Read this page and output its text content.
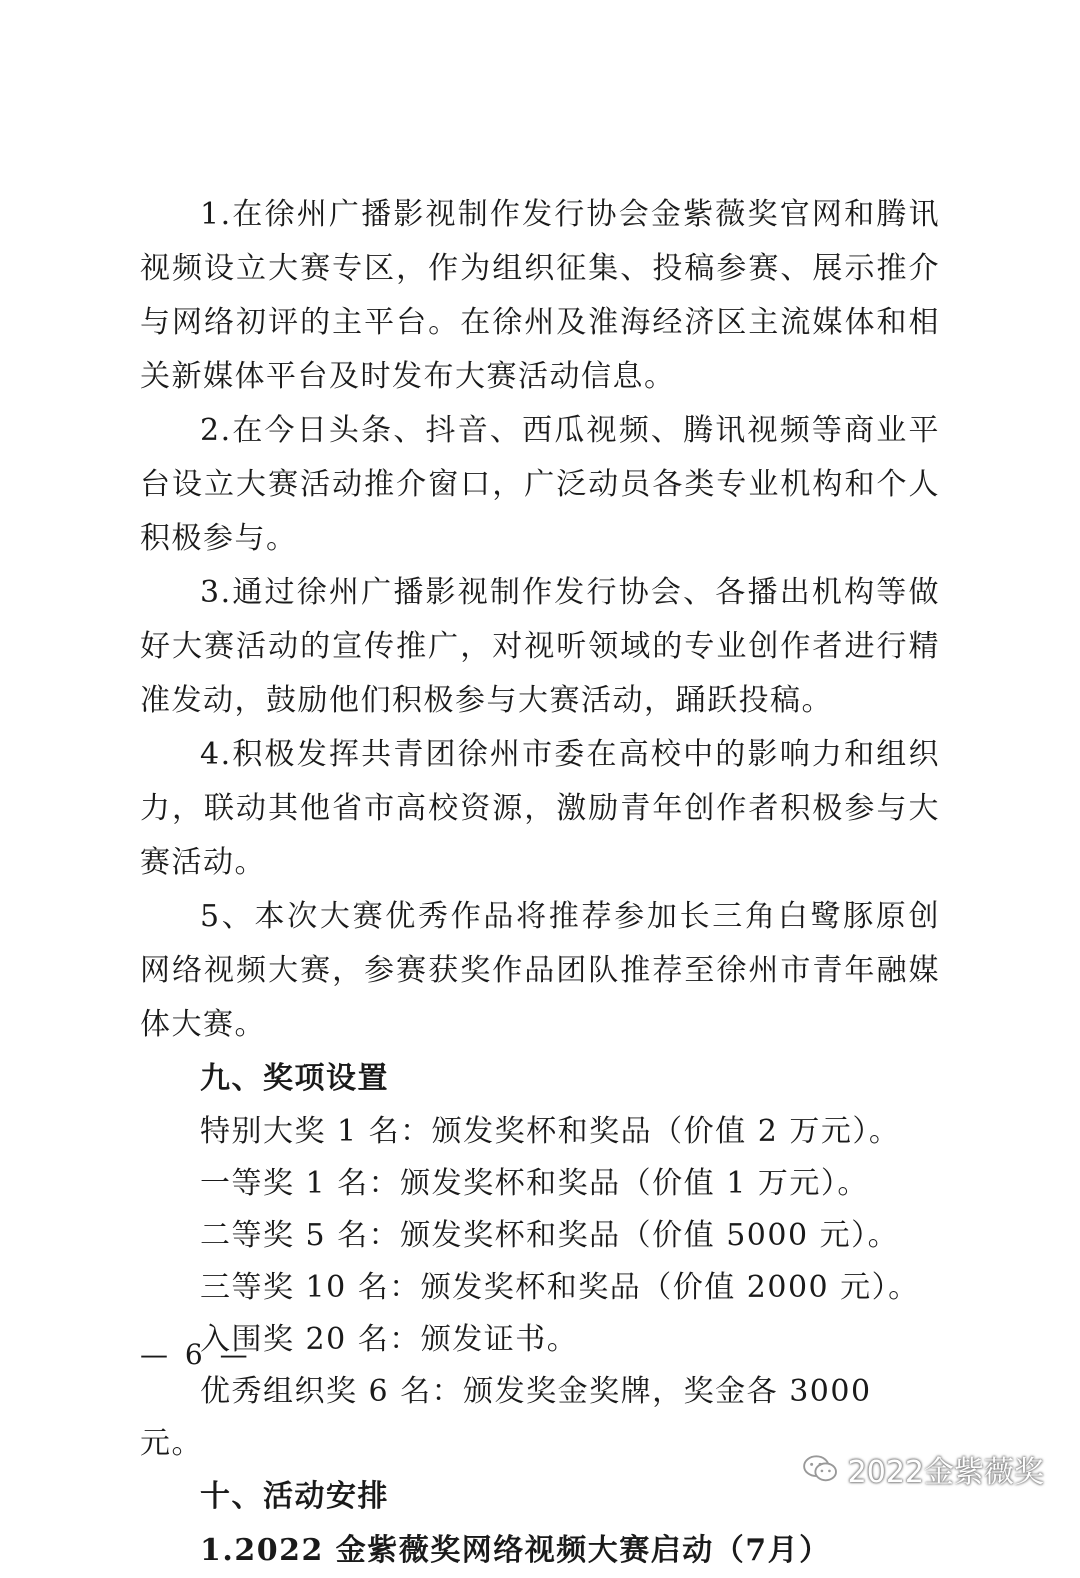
1.在徐州广播影视制作发行协会金紫薇奖官网和腾讯视频设立大赛专区，作为组织征集、投稿参赛、展示推介与网络初评的主平台。在徐州及淮海经济区主流媒体和相关新媒体平台及时发布大赛活动信息。

2.在今日头条、抖音、西瓜视频、腾讯视频等商业平台设立大赛活动推介窗口，广泛动员各类专业机构和个人积极参与。

3.通过徐州广播影视制作发行协会、各播出机构等做好大赛活动的宣传推广，对视听领域的专业创作者进行精准发动，鼓励他们积极参与大赛活动，踊跃投稿。

4.积极发挥共青团徐州市委在高校中的影响力和组织力，联动其他省市高校资源，激励青年创作者积极参与大赛活动。

5、本次大赛优秀作品将推荐参加长三角白鹭豚原创网络视频大赛，参赛获奖作品团队推荐至徐州市青年融媒体大赛。

九、奖项设置

特别大奖 1 名：颁发奖杯和奖品（价值 2 万元）。

一等奖 1 名：颁发奖杯和奖品（价值 1 万元）。

二等奖 5 名：颁发奖杯和奖品（价值 5000 元）。

三等奖 10 名：颁发奖杯和奖品（价值 2000 元）。

入围奖 20 名：颁发证书。

优秀组织奖 6 名：颁发奖金奖牌，奖金各 3000 元。

十、活动安排

1.2022 金紫薇奖网络视频大赛启动（7月）

— 6 —
2022金紫薇奖
